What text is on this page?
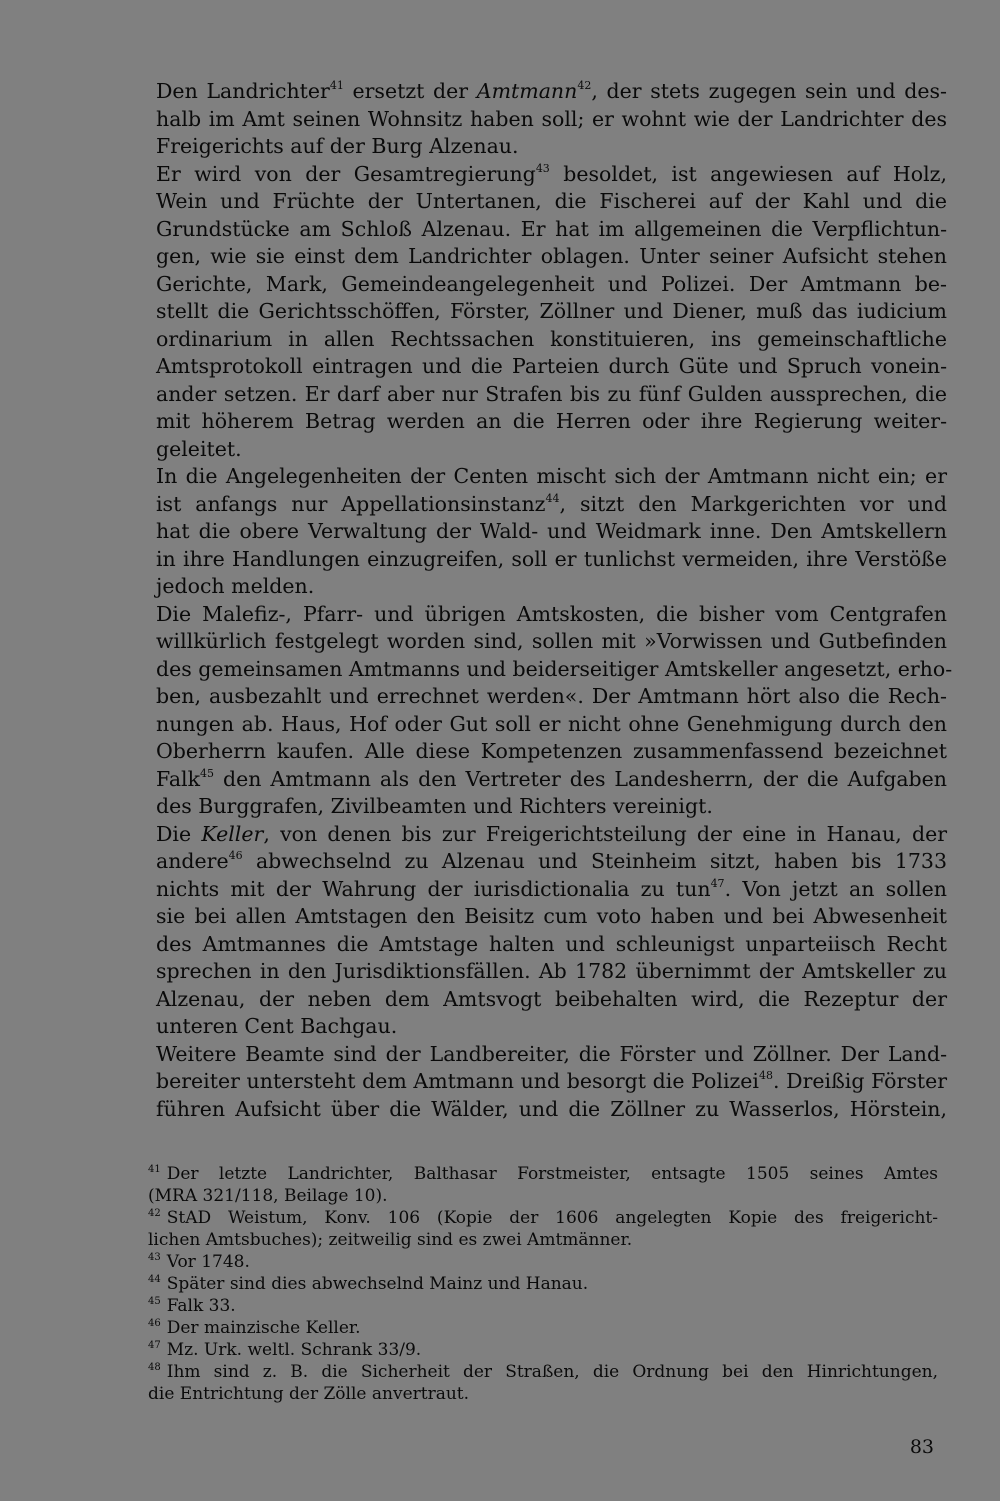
Den Landrichter$^{41}$ ersetzt der Amtmann$^{42}$, der stets zugegen sein und des-
halb im Amt seinen Wohnsitz haben soll; er wohnt wie der Landrichter des
Freigerichts auf der Burg Alzenau.
Er wird von der Gesamtregierung$^{43}$ besoldet, ist angewiesen auf Holz,
Wein und Früchte der Untertanen, die Fischerei auf der Kahl und die
Grundstücke am Schloß Alzenau. Er hat im allgemeinen die Verpflichtun-
gen, wie sie einst dem Landrichter oblagen. Unter seiner Aufsicht stehen
Gerichte, Mark, Gemeindeangelegenheit und Polizei. Der Amtmann be-
stellt die Gerichtsschöffen, Förster, Zöllner und Diener, muß das iudicium
ordinarium in allen Rechtssachen konstituieren, ins gemeinschaftliche
Amtsprotokoll eintragen und die Parteien durch Güte und Spruch vonein-
ander setzen. Er darf aber nur Strafen bis zu fünf Gulden aussprechen, die
mit höherem Betrag werden an die Herren oder ihre Regierung weiter-
geleitet.
In die Angelegenheiten der Centen mischt sich der Amtmann nicht ein; er
ist anfangs nur Appellationsinstanz$^{44}$, sitzt den Markgerichten vor und
hat die obere Verwaltung der Wald- und Weidmark inne. Den Amtskellern
in ihre Handlungen einzugreifen, soll er tunlichst vermeiden, ihre Verstöße
jedoch melden.
Die Malefiz-, Pfarr- und übrigen Amtskosten, die bisher vom Centgrafen
willkürlich festgelegt worden sind, sollen mit »Vorwissen und Gutbefinden
des gemeinsamen Amtmanns und beiderseitiger Amtskeller angesetzt, erho-
ben, ausbezahlt und errechnet werden«. Der Amtmann hört also die Rech-
nungen ab. Haus, Hof oder Gut soll er nicht ohne Genehmigung durch den
Oberherrn kaufen. Alle diese Kompetenzen zusammenfassend bezeichnet
Falk$^{45}$ den Amtmann als den Vertreter des Landesherrn, der die Aufgaben
des Burggrafen, Zivilbeamten und Richters vereinigt.
Die Keller, von denen bis zur Freigerichtsteilung der eine in Hanau, der
andere$^{46}$ abwechselnd zu Alzenau und Steinheim sitzt, haben bis 1733
nichts mit der Wahrung der iurisdictionalia zu tun$^{47}$. Von jetzt an sollen
sie bei allen Amtstagen den Beisitz cum voto haben und bei Abwesenheit
des Amtmannes die Amtstage halten und schleunigst unparteiisch Recht
sprechen in den Jurisdiktionsfällen. Ab 1782 übernimmt der Amtskeller zu
Alzenau, der neben dem Amtsvogt beibehalten wird, die Rezeptur der
unteren Cent Bachgau.
Weitere Beamte sind der Landbereiter, die Förster und Zöllner. Der Land-
bereiter untersteht dem Amtmann und besorgt die Polizei$^{48}$. Dreißig Förster
führen Aufsicht über die Wälder, und die Zöllner zu Wasserlos, Hörstein,
$^{41}$ Der letzte Landrichter, Balthasar Forstmeister, entsagte 1505 seines Amtes
(MRA 321/118, Beilage 10).
$^{42}$ StAD Weistum, Konv. 106 (Kopie der 1606 angelegten Kopie des freigericht-
lichen Amtsbuches); zeitweilig sind es zwei Amtmänner.
$^{43}$ Vor 1748.
$^{44}$ Später sind dies abwechselnd Mainz und Hanau.
$^{45}$ Falk 33.
$^{46}$ Der mainzische Keller.
$^{47}$ Mz. Urk. weltl. Schrank 33/9.
$^{48}$ Ihm sind z. B. die Sicherheit der Straßen, die Ordnung bei den Hinrichtungen,
die Entrichtung der Zölle anvertraut.
83
